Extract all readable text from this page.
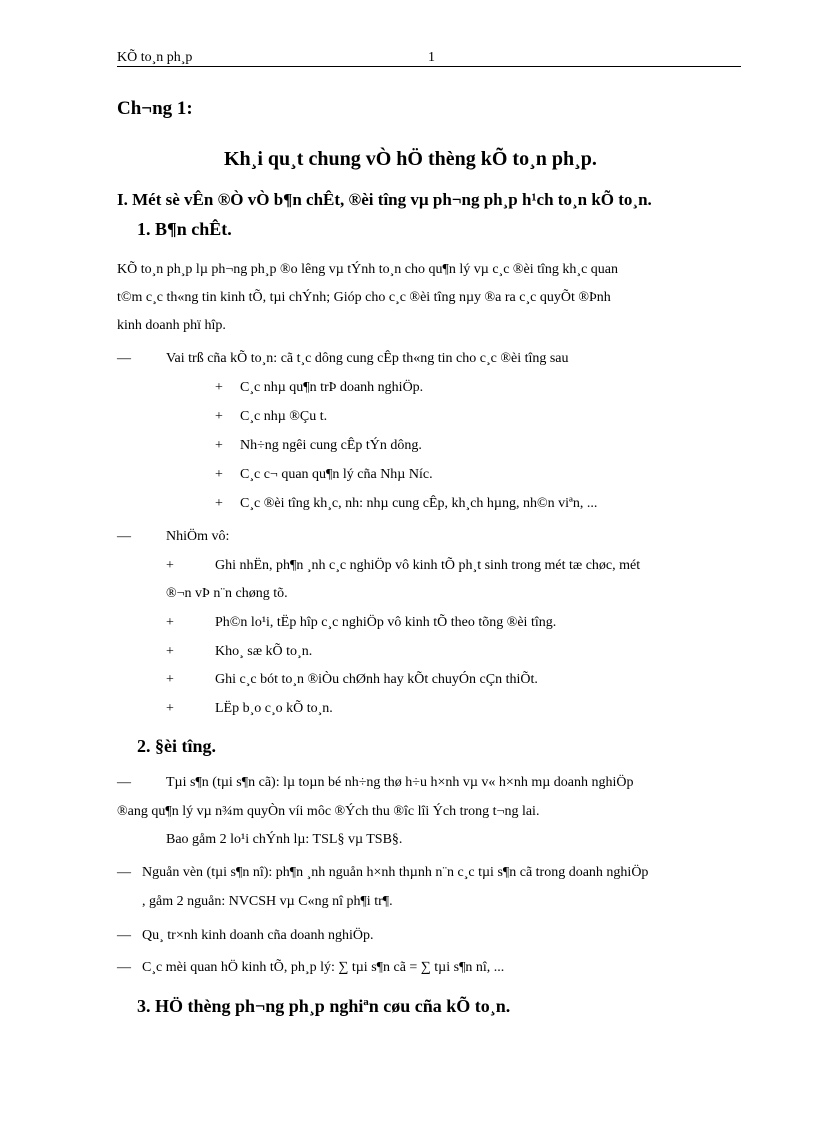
KÕ to¸n ph¸p	1
Ch¬ng 1:
Kh¸i qu¸t chung vÒ hÖ thèng kÕ to¸n ph¸p.
I. Mét sè vÊn ®Ò vÒ b¶n chÊt, ®èi tîng vµ ph¬ng ph¸p h¹ch to¸n kÕ to¸n.
1. B¶n chÊt.
KÕ to¸n ph¸p lµ ph¬ng ph¸p ®o lêng vµ tÝnh to¸n cho qu¶n lý vµ c¸c ®èi tîng kh¸c quan
t©m c¸c th«ng tin kinh tÕ, tµi chÝnh; Gióp cho c¸c ®èi tîng nµy ®a ra c¸c quyÕt ®Þnh
kinh doanh phï hîp.
—	Vai trß cña kÕ to¸n: cã t¸c dông cung cÊp th«ng tin cho c¸c ®èi tîng sau
+ C¸c nhµ qu¶n trÞ doanh nghiÖp.
+ C¸c nhµ ®Çu t.
+ Nh÷ng ngêi cung cÊp tÝn dông.
+ C¸c c¬ quan qu¶n lý cña Nhµ Níc.
+ C¸c ®èi tîng kh¸c, nh: nhµ cung cÊp, kh¸ch hµng, nh©n viªn, ...
—	NhiÖm vô:
+	Ghi nhËn, ph¶n ¸nh c¸c nghiÖp vô kinh tÕ ph¸t sinh trong mét tæ chøc, mét
®¬n vÞ n¨n chøng tõ.
+	Ph©n lo¹i, tËp hîp c¸c nghiÖp vô kinh tÕ theo tõng ®èi tîng.
+	Kho¸ sæ kÕ to¸n.
+	Ghi c¸c bót to¸n ®iÒu chØnh hay kÕt chuyÓn cÇn thiÕt.
+	LËp b¸o c¸o kÕ to¸n.
2. §èi tîng.
—	Tµi s¶n (tµi s¶n cã): lµ toµn bé nh÷ng thø h÷u h×nh vµ v« h×nh mµ doanh nghiÖp
®ang qu¶n lý vµ n¾m quyÒn víi môc ®Ých thu ®îc lîi Ých trong t¬ng lai.
Bao gåm 2 lo¹i chÝnh lµ: TSL§ vµ TSB§.
— Nguån vèn (tµi s¶n nî): ph¶n ¸nh nguån h×nh thµnh n¨n c¸c tµi s¶n cã trong doanh nghiÖp
, gåm 2 nguån: NVCSH vµ C«ng nî ph¶i tr¶.
— Qu¸ tr×nh kinh doanh cña doanh nghiÖp.
— C¸c mèi quan hÖ kinh tÕ, ph¸p lý: ∑ tµi s¶n cã = ∑ tµi s¶n nî, ...
3. HÖ thèng ph¬ng ph¸p nghiªn cøu cña kÕ to¸n.
